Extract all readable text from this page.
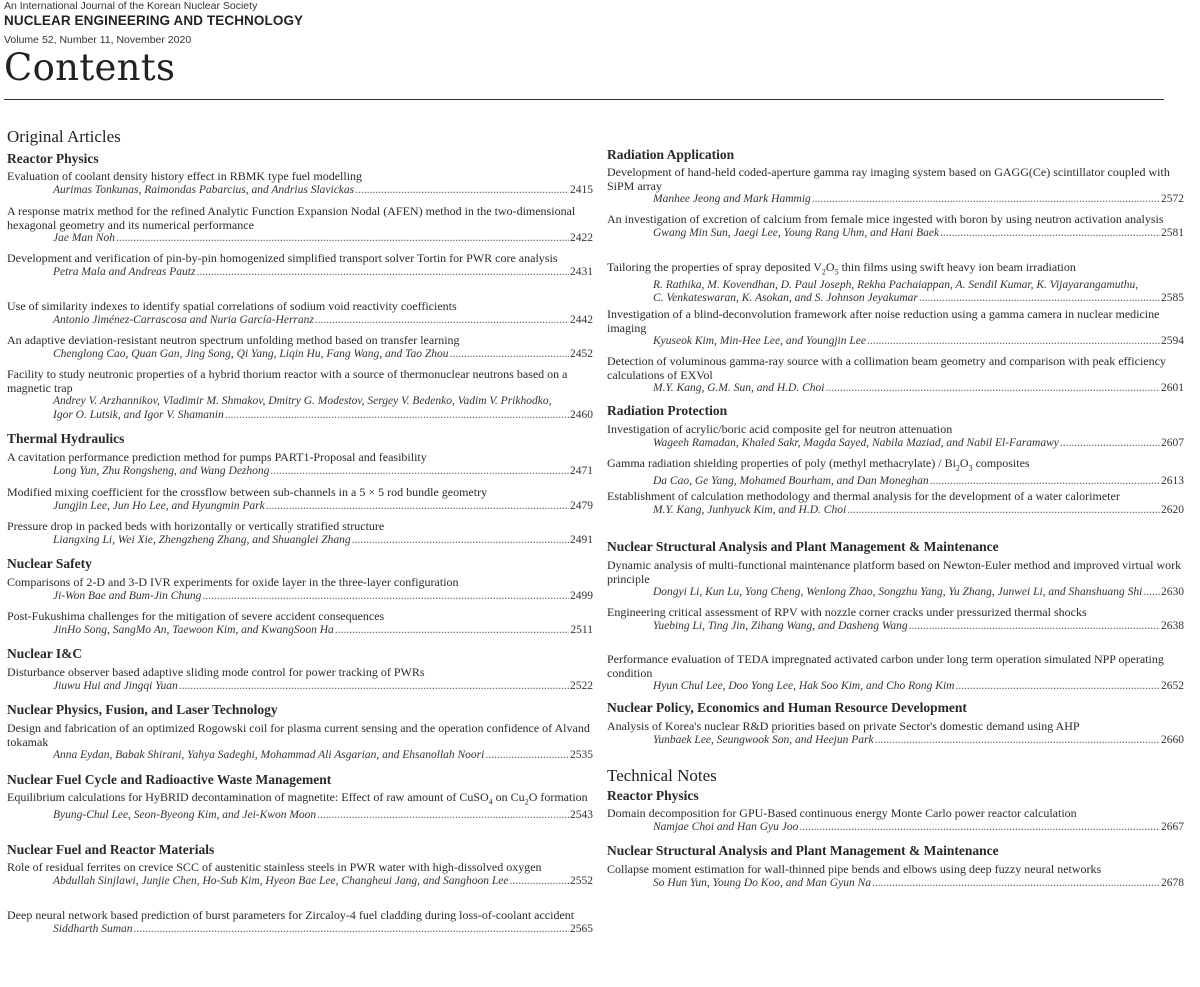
An International Journal of the Korean Nuclear Society
NUCLEAR ENGINEERING AND TECHNOLOGY
Volume 52, Number 11, November 2020
Contents
Original Articles
Reactor Physics
Evaluation of coolant density history effect in RBMK type fuel modelling
Aurimas Tonkunas, Raimondas Pabarcius, and Andrius Slavickas .....	2415
A response matrix method for the refined Analytic Function Expansion Nodal (AFEN) method in the two-dimensional hexagonal geometry and its numerical performance
Jae Man Noh .....	2422
Development and verification of pin-by-pin homogenized simplified transport solver Tortin for PWR core analysis
Petra Mala and Andreas Pautz .....	2431
Use of similarity indexes to identify spatial correlations of sodium void reactivity coefficients
Antonio Jiménez-Carrascosa and Nuria García-Herranz .....	2442
An adaptive deviation-resistant neutron spectrum unfolding method based on transfer learning
Chenglong Cao, Quan Gan, Jing Song, Qi Yang, Liqin Hu, Fang Wang, and Tao Zhou .....	2452
Facility to study neutronic properties of a hybrid thorium reactor with a source of thermonuclear neutrons based on a magnetic trap
Andrey V. Arzhannikov, Vladimir M. Shmakov, Dmitry G. Modestov, Sergey V. Bedenko, Vadim V. Prikhodko,
Igor O. Lutsik, and Igor V. Shamanin .....	2460
Thermal Hydraulics
A cavitation performance prediction method for pumps PART1-Proposal and feasibility
Long Yun, Zhu Rongsheng, and Wang Dezhong .....	2471
Modified mixing coefficient for the crossflow between sub-channels in a 5 × 5 rod bundle geometry
Jungjin Lee, Jun Ho Lee, and Hyungmin Park .....	2479
Pressure drop in packed beds with horizontally or vertically stratified structure
Liangxing Li, Wei Xie, Zhengzheng Zhang, and Shuanglei Zhang .....	2491
Nuclear Safety
Comparisons of 2-D and 3-D IVR experiments for oxide layer in the three-layer configuration
Ji-Won Bae and Bum-Jin Chung .....	2499
Post-Fukushima challenges for the mitigation of severe accident consequences
JinHo Song, SangMo An, Taewoon Kim, and KwangSoon Ha .....	2511
Nuclear I&C
Disturbance observer based adaptive sliding mode control for power tracking of PWRs
Jiuwu Hui and Jingqi Yuan .....	2522
Nuclear Physics, Fusion, and Laser Technology
Design and fabrication of an optimized Rogowski coil for plasma current sensing and the operation confidence of Alvand tokamak
Anna Eydan, Babak Shirani, Yahya Sadeghi, Mohammad Ali Asgarian, and Ehsanollah Noori .....	2535
Nuclear Fuel Cycle and Radioactive Waste Management
Equilibrium calculations for HyBRID decontamination of magnetite: Effect of raw amount of CuSO$_4$ on $Cu_2O$ formation
Byung-Chul Lee, Seon-Byeong Kim, and Jei-Kwon Moon .....	2543
Nuclear Fuel and Reactor Materials
Role of residual ferrites on crevice SCC of austenitic stainless steels in PWR water with high-dissolved oxygen
Abdullah Sinjlawi, Junjie Chen, Ho-Sub Kim, Hyeon Bae Lee, Changheui Jang, and Sanghoon Lee .....	2552
Deep neural network based prediction of burst parameters for Zircaloy-4 fuel cladding during loss-of-coolant accident
Siddharth Suman .....	2565
Radiation Application
Development of hand-held coded-aperture gamma ray imaging system based on GAGG(Ce) scintillator coupled with SiPM array
Manhee Jeong and Mark Hammig .....	2572
An investigation of excretion of calcium from female mice ingested with boron by using neutron activation analysis
Gwang Min Sun, Jaegi Lee, Young Rang Uhm, and Hani Baek .....	2581
Tailoring the properties of spray deposited $V_2O_5$ thin films using swift heavy ion beam irradiation
R. Rathika, M. Kovendhan, D. Paul Joseph, Rekha Pachaiappan, A. Sendil Kumar, K. Vijayarangamuthu,
C. Venkateswaran, K. Asokan, and S. Johnson Jeyakumar .....	2585
Investigation of a blind-deconvolution framework after noise reduction using a gamma camera in nuclear medicine imaging
Kyuseok Kim, Min-Hee Lee, and Youngjin Lee .....	2594
Detection of voluminous gamma-ray source with a collimation beam geometry and comparison with peak efficiency calculations of EXVol
M.Y. Kang, G.M. Sun, and H.D. Choi .....	2601
Radiation Protection
Investigation of acrylic/boric acid composite gel for neutron attenuation
Wageeh Ramadan, Khaled Sakr, Magda Sayed, Nabila Maziad, and Nabil El-Faramawy .....	2607
Gamma radiation shielding properties of poly (methyl methacrylate) / $Bi_2O_3$ composites
Da Cao, Ge Yang, Mohamed Bourham, and Dan Moneghan .....	2613
Establishment of calculation methodology and thermal analysis for the development of a water calorimeter
M.Y. Kang, Junhyuck Kim, and H.D. Choi .....	2620
Nuclear Structural Analysis and Plant Management & Maintenance
Dynamic analysis of multi-functional maintenance platform based on Newton-Euler method and improved virtual work principle
Dongyi Li, Kun Lu, Yong Cheng, Wenlong Zhao, Songzhu Yang, Yu Zhang, Junwei Li, and Shanshuang Shi ..... 2630
Engineering critical assessment of RPV with nozzle corner cracks under pressurized thermal shocks
Yuebing Li, Ting Jin, Zihang Wang, and Dasheng Wang .....	2638
Performance evaluation of TEDA impregnated activated carbon under long term operation simulated NPP operating condition
Hyun Chul Lee, Doo Yong Lee, Hak Soo Kim, and Cho Rong Kim .....	2652
Nuclear Policy, Economics and Human Resource Development
Analysis of Korea's nuclear R&D priorities based on private Sector's domestic demand using AHP
Yunbaek Lee, Seungwook Son, and Heejun Park .....	2660
Technical Notes
Reactor Physics
Domain decomposition for GPU-Based continuous energy Monte Carlo power reactor calculation
Namjae Choi and Han Gyu Joo .....	2667
Nuclear Structural Analysis and Plant Management & Maintenance
Collapse moment estimation for wall-thinned pipe bends and elbows using deep fuzzy neural networks
So Hun Yun, Young Do Koo, and Man Gyun Na .....	2678
